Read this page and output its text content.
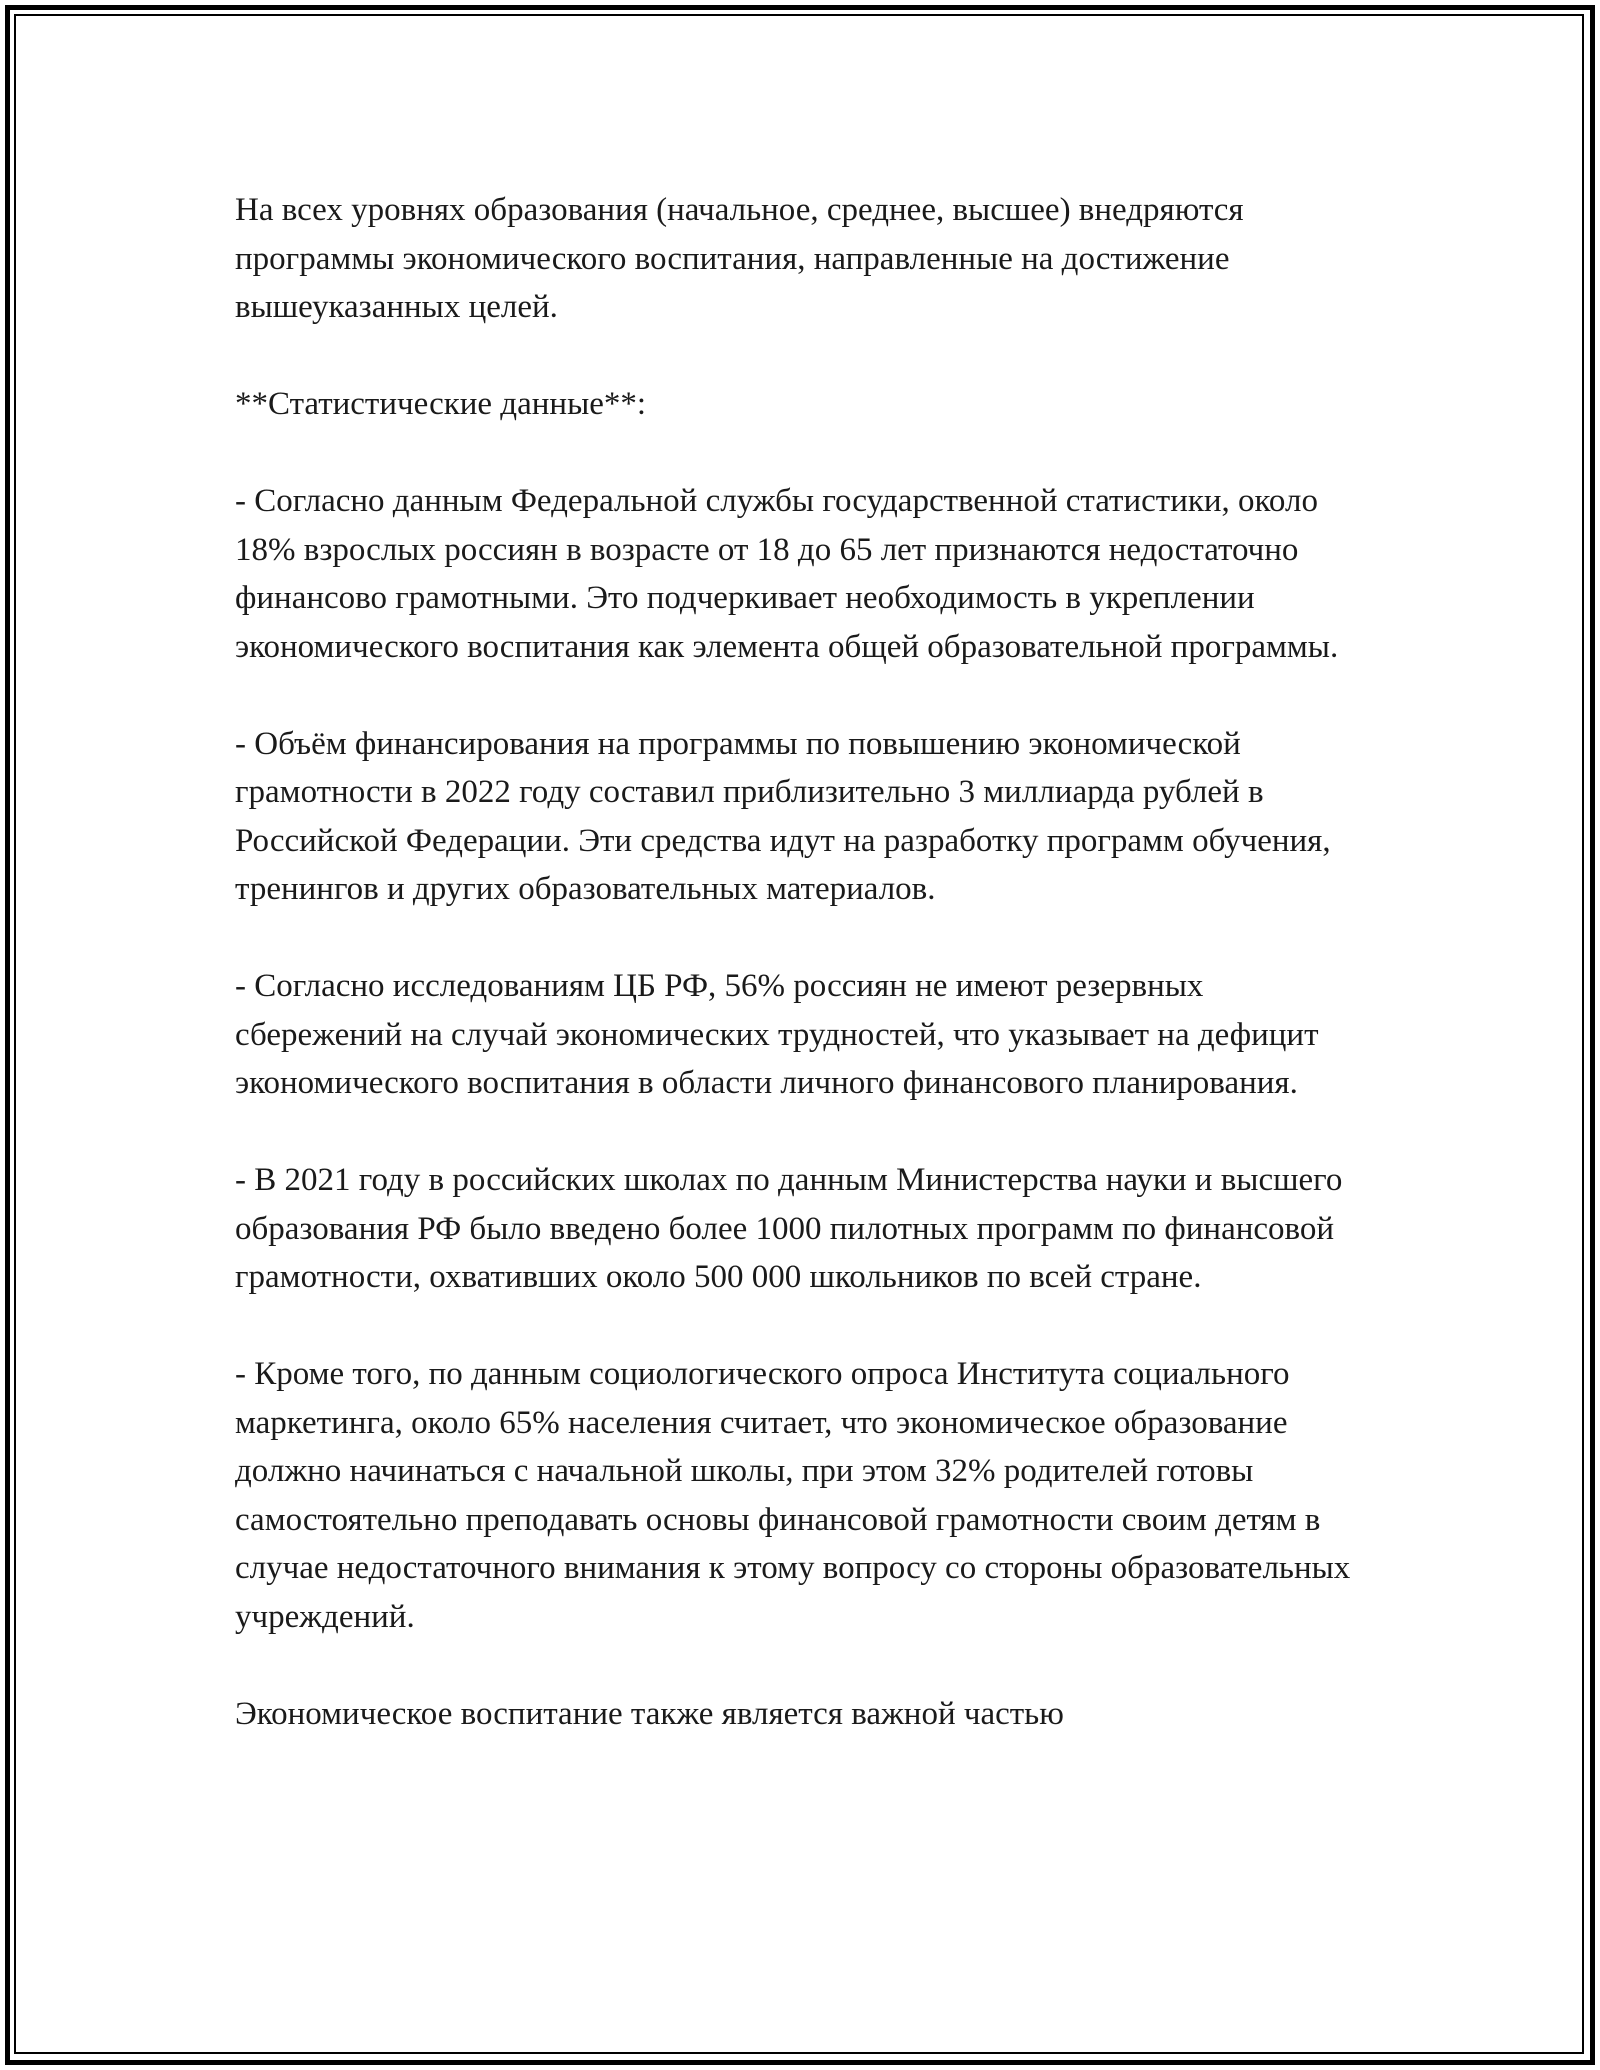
На всех уровнях образования (начальное, среднее, высшее) внедряются программы экономического воспитания, направленные на достижение вышеуказанных целей.

**Статистические данные**:

- Согласно данным Федеральной службы государственной статистики, около 18% взрослых россиян в возрасте от 18 до 65 лет признаются недостаточно финансово грамотными. Это подчеркивает необходимость в укреплении экономического воспитания как элемента общей образовательной программы.

- Объём финансирования на программы по повышению экономической грамотности в 2022 году составил приблизительно 3 миллиарда рублей в Российской Федерации. Эти средства идут на разработку программ обучения, тренингов и других образовательных материалов.

- Согласно исследованиям ЦБ РФ, 56% россиян не имеют резервных сбережений на случай экономических трудностей, что указывает на дефицит экономического воспитания в области личного финансового планирования.

- В 2021 году в российских школах по данным Министерства науки и высшего образования РФ было введено более 1000 пилотных программ по финансовой грамотности, охвативших около 500 000 школьников по всей стране.

- Кроме того, по данным социологического опроса Института социального маркетинга, около 65% населения считает, что экономическое образование должно начинаться с начальной школы, при этом 32% родителей готовы самостоятельно преподавать основы финансовой грамотности своим детям в случае недостаточного внимания к этому вопросу со стороны образовательных учреждений.

Экономическое воспитание также является важной частью
